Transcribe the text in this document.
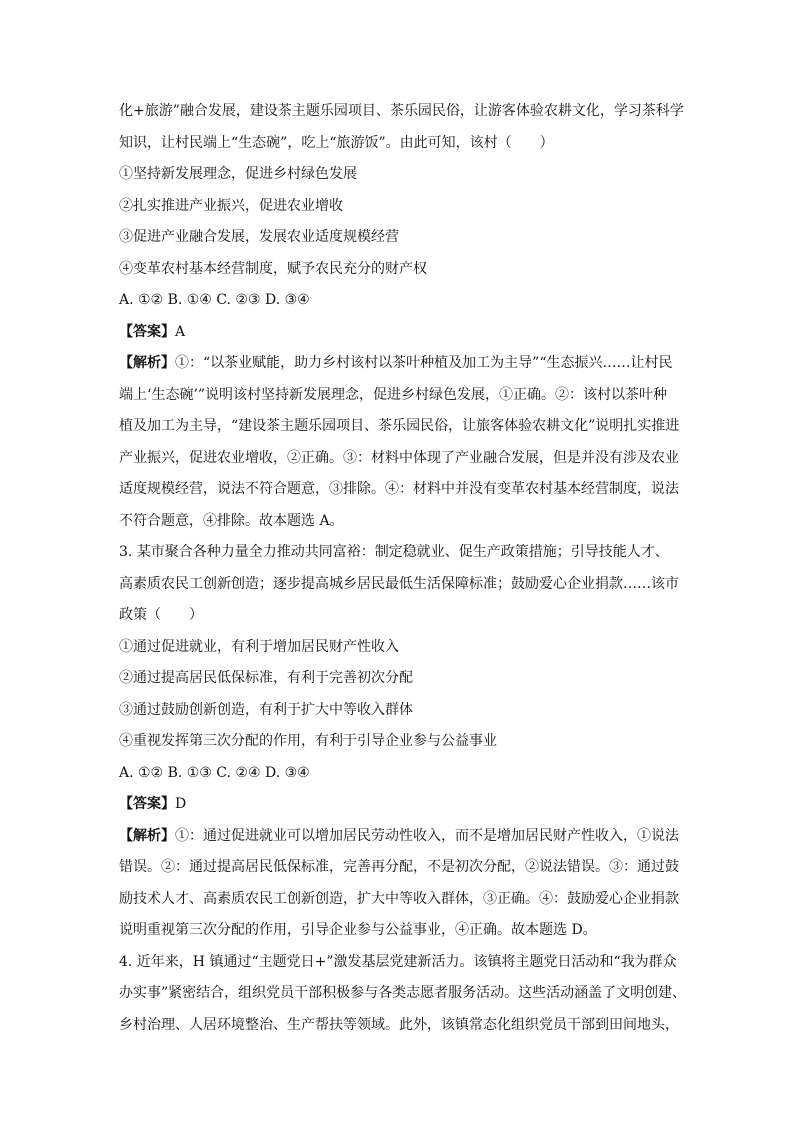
化+旅游”融合发展，建设茶主题乐园项目、茶乐园民俗，让游客体验农耕文化，学习茶科学
知识，让村民端上“生态碗”，吃上“旅游饭”。由此可知，该村（　　）
①坚持新发展理念，促进乡村绿色发展
②扎实推进产业振兴，促进农业增收
③促进产业融合发展，发展农业适度规模经营
④变革农村基本经营制度，赋予农民充分的财产权
A. ①② B. ①④ C. ②③ D. ③④
【答案】A
【解析】①：“以茶业赋能，助力乡村该村以茶叶种植及加工为主导”“生态振兴……让村民
端上‘生态碗’”说明该村坚持新发展理念，促进乡村绿色发展，①正确。②：该村以茶叶种
植及加工为主导，“建设茶主题乐园项目、茶乐园民俗，让旅客体验农耕文化”说明扎实推进
产业振兴，促进农业增收，②正确。③：材料中体现了产业融合发展，但是并没有涉及农业
适度规模经营，说法不符合题意，③排除。④：材料中并没有变革农村基本经营制度，说法
不符合题意，④排除。故本题选 A。
3. 某市聚合各种力量全力推动共同富裕：制定稳就业、促生产政策措施；引导技能人才、
高素质农民工创新创造；逐步提高城乡居民最低生活保障标准；鼓励爱心企业捐款……该市
政策（　　）
①通过促进就业，有利于增加居民财产性收入
②通过提高居民低保标准，有利于完善初次分配
③通过鼓励创新创造，有利于扩大中等收入群体
④重视发挥第三次分配的作用，有利于引导企业参与公益事业
A. ①② B. ①③ C. ②④ D. ③④
【答案】D
【解析】①：通过促进就业可以增加居民劳动性收入，而不是增加居民财产性收入，①说法
错误。②：通过提高居民低保标准，完善再分配，不是初次分配，②说法错误。③：通过鼓
励技术人才、高素质农民工创新创造，扩大中等收入群体，③正确。④：鼓励爱心企业捐款
说明重视第三次分配的作用，引导企业参与公益事业，④正确。故本题选 D。
4. 近年来，H 镇通过“主题党日+”激发基层党建新活力。该镇将主题党日活动和“我为群众
办实事”紧密结合，组织党员干部积极参与各类志愿者服务活动。这些活动涵盖了文明创建、
乡村治理、人居环境整治、生产帮扶等领域。此外，该镇常态化组织党员干部到田间地头，
